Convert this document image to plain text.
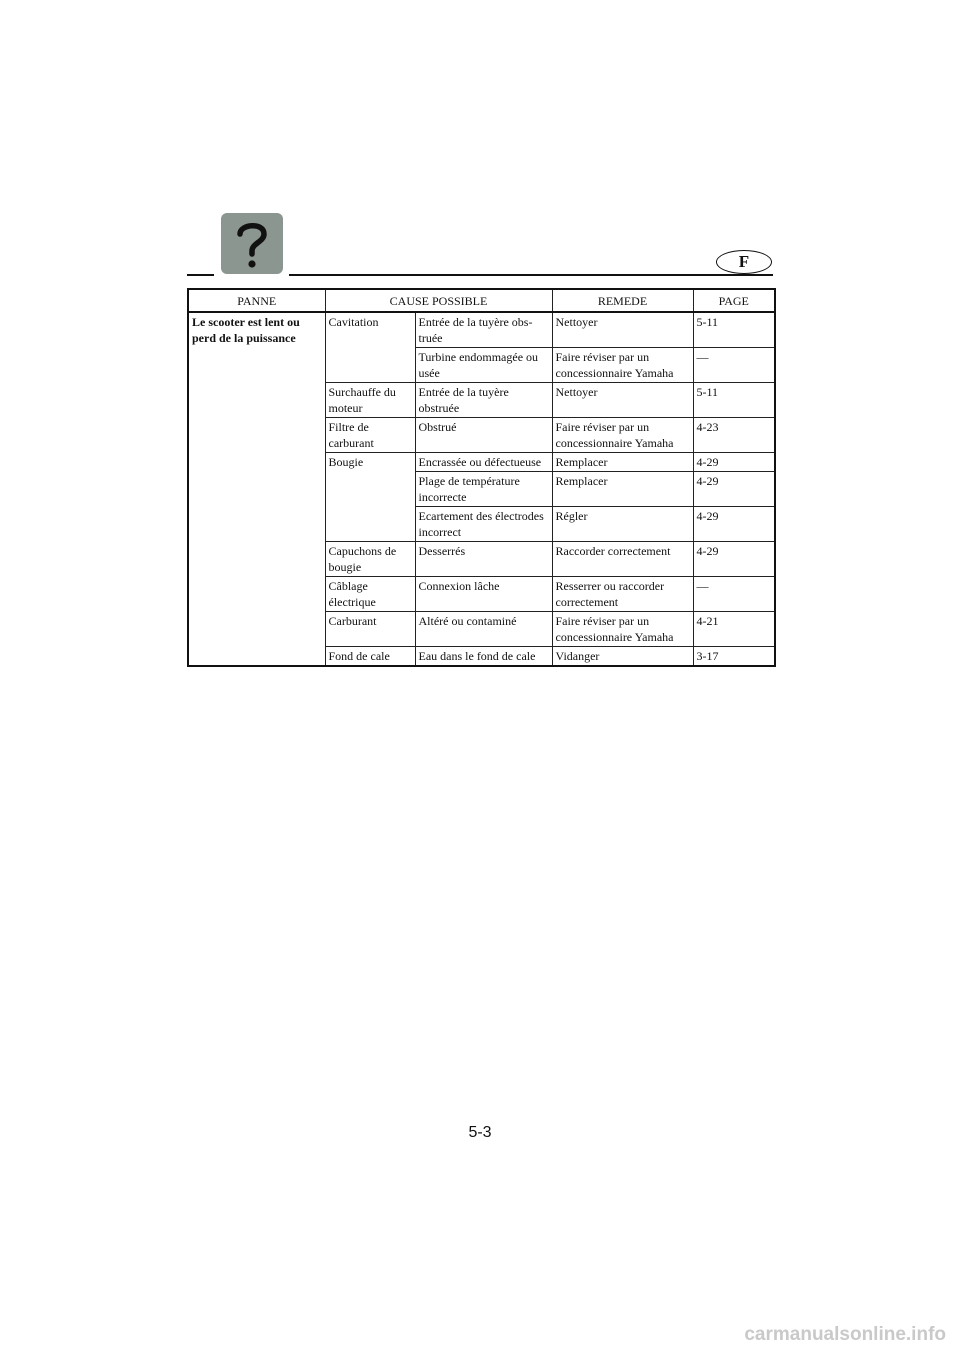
F
PANNE	CAUSE POSSIBLE		REMEDE	PAGE
Le scooter est lent ou perd de la puissance	Cavitation	Entrée de la tuyère obs-truée	Nettoyer	5-11
		Turbine endommagée ou usée	Faire réviser par un concessionnaire Yamaha	—
	Surchauffe du moteur	Entrée de la tuyère obstruée	Nettoyer	5-11
	Filtre de carburant	Obstrué	Faire réviser par un concessionnaire Yamaha	4-23
	Bougie	Encrassée ou défectueuse	Remplacer	4-29
		Plage de température incorrecte	Remplacer	4-29
		Ecartement des électrodes incorrect	Régler	4-29
	Capuchons de bougie	Desserrés	Raccorder correctement	4-29
	Câblage électrique	Connexion lâche	Resserrer ou raccorder correctement	—
	Carburant	Altéré ou contaminé	Faire réviser par un concessionnaire Yamaha	4-21
	Fond de cale	Eau dans le fond de cale	Vidanger	3-17
5-3
carmanualsonline.info
